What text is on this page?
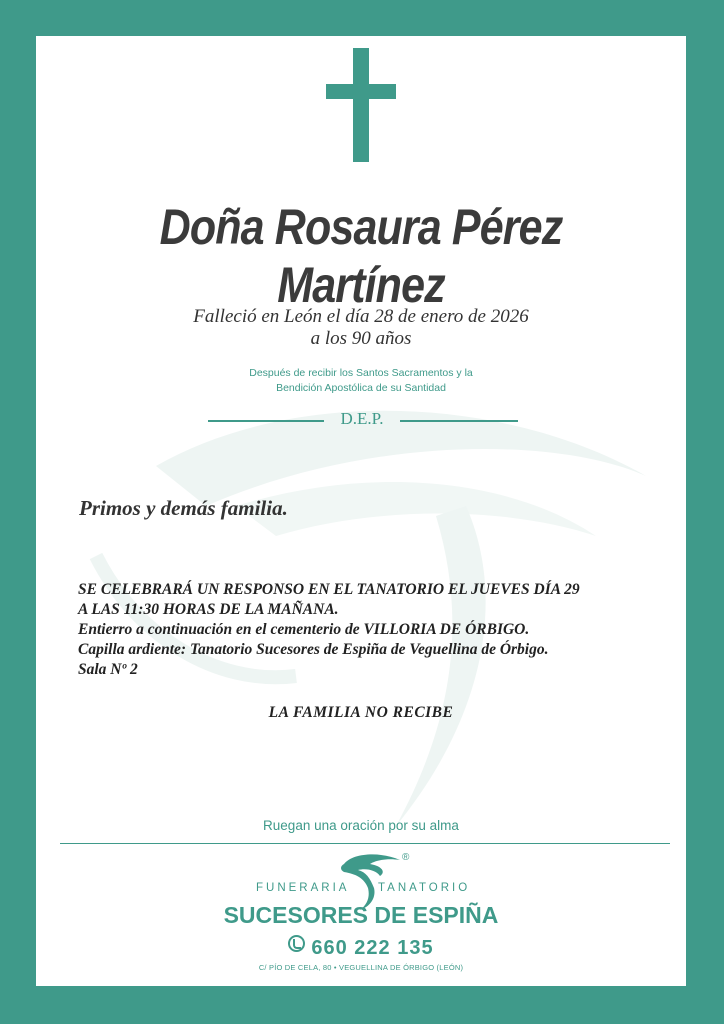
Doña Rosaura Pérez Martínez
Falleció en León el día 28 de enero de 2026
a los 90 años
Después de recibir los Santos Sacramentos y la
Bendición Apostólica de su Santidad
D.E.P.
Primos y demás familia.
SE CELEBRARÁ UN RESPONSO EN EL TANATORIO EL JUEVES DÍA 29
A LAS 11:30 HORAS DE LA MAÑANA.
Entierro a continuación en el cementerio de VILLORIA DE ÓRBIGO.
Capilla ardiente: Tanatorio Sucesores de Espiña de Veguellina de Órbigo.
Sala Nº 2
LA FAMILIA NO RECIBE
Ruegan una oración por su alma
®
FUNERARIA TANATORIO
SUCESORES DE ESPIÑA
660 222 135
C/ PÍO DE CELA, 80 • VEGUELLINA DE ÓRBIGO (LEÓN)
